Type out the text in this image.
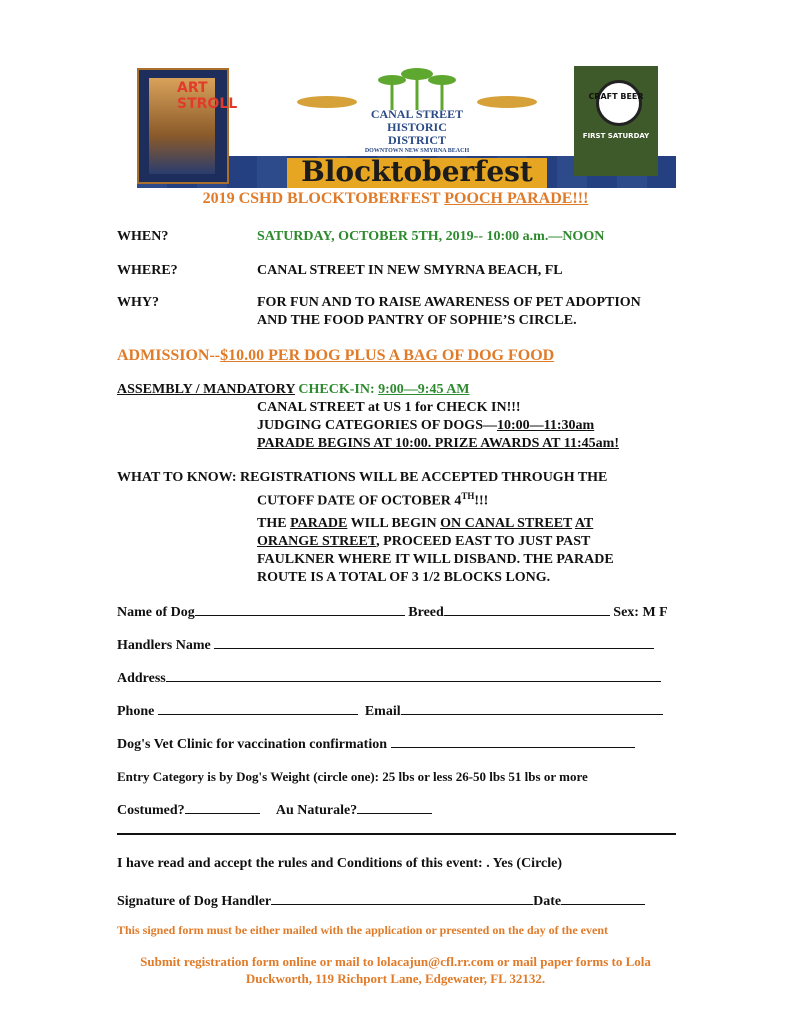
ART STROLL
CANAL STREET
HISTORIC DISTRICT
DOWNTOWN NEW SMYRNA BEACH
Blocktoberfest
CRAFT BEER
FIRST SATURDAY
2019 CSHD BLOCKTOBERFEST POOCH PARADE!!!
WHEN?	SATURDAY, OCTOBER 5TH, 2019-- 10:00 a.m.—NOON
WHERE?	CANAL STREET IN NEW SMYRNA BEACH, FL
WHY?	FOR FUN AND TO RAISE AWARENESS OF PET ADOPTION
AND THE FOOD PANTRY OF SOPHIE’S CIRCLE.
ADMISSION--$10.00 PER DOG PLUS A BAG OF DOG FOOD
ASSEMBLY / MANDATORY CHECK-IN: 9:00—9:45 AM
CANAL STREET at US 1 for CHECK IN!!!
JUDGING CATEGORIES OF DOGS—10:00—11:30am
PARADE BEGINS AT 10:00. PRIZE AWARDS AT 11:45am!
WHAT TO KNOW: REGISTRATIONS WILL BE ACCEPTED THROUGH THE
CUTOFF DATE OF OCTOBER 4TH!!!
THE PARADE WILL BEGIN ON CANAL STREET AT
ORANGE STREET, PROCEED EAST TO JUST PAST
FAULKNER WHERE IT WILL DISBAND. THE PARADE
ROUTE IS A TOTAL OF 3 1/2 BLOCKS LONG.
Name of Dog	Breed	Sex: M F
Handlers Name
Address
Phone	Email
Dog's Vet Clinic for vaccination confirmation
Entry Category is by Dog's Weight (circle one): 25 lbs or less 26-50 lbs 51 lbs or more
Costumed?	Au Naturale?
I have read and accept the rules and Conditions of this event: . Yes (Circle)
Signature of Dog Handler	Date
This signed form must be either mailed with the application or presented on the day of the event
Submit registration form online or mail to lolacajun@cfl.rr.com or mail paper forms to Lola
Duckworth, 119 Richport Lane, Edgewater, FL 32132.
